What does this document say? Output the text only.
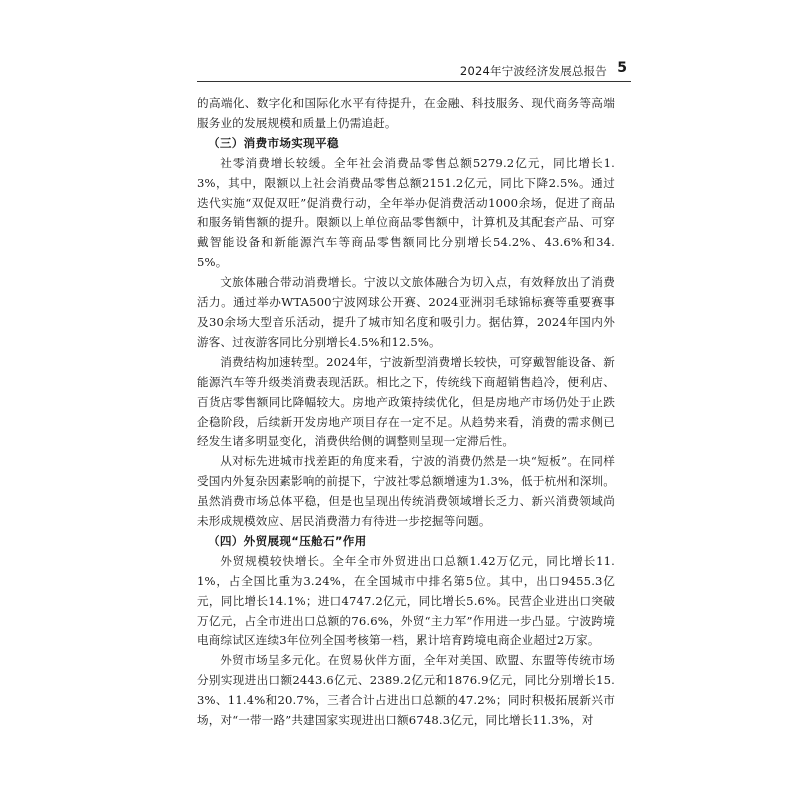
2024年宁波经济发展总报告 5

的高端化、数字化和国际化水平有待提升，在金融、科技服务、现代商务等高端服务业的发展规模和质量上仍需追赶。

（三）消费市场实现平稳

社零消费增长较缓。全年社会消费品零售总额5279.2亿元，同比增长1.3%，其中，限额以上社会消费品零售总额2151.2亿元，同比下降2.5%。通过迭代实施“双促双旺”促消费行动，全年举办促消费活动1000余场，促进了商品和服务销售额的提升。限额以上单位商品零售额中，计算机及其配套产品、可穿戴智能设备和新能源汽车等商品零售额同比分别增长54.2%、43.6%和34.5%。

文旅体融合带动消费增长。宁波以文旅体融合为切入点，有效释放出了消费活力。通过举办WTA500宁波网球公开赛、2024亚洲羽毛球锦标赛等重要赛事及30余场大型音乐活动，提升了城市知名度和吸引力。据估算，2024年国内外游客、过夜游客同比分别增长4.5%和12.5%。

消费结构加速转型。2024年，宁波新型消费增长较快，可穿戴智能设备、新能源汽车等升级类消费表现活跃。相比之下，传统线下商超销售趋冷，便利店、百货店零售额同比降幅较大。房地产政策持续优化，但是房地产市场仍处于止跌企稳阶段，后续新开发房地产项目存在一定不足。从趋势来看，消费的需求侧已经发生诸多明显变化，消费供给侧的调整则呈现一定滞后性。

从对标先进城市找差距的角度来看，宁波的消费仍然是一块“短板”。在同样受国内外复杂因素影响的前提下，宁波社零总额增速为1.3%，低于杭州和深圳。虽然消费市场总体平稳，但是也呈现出传统消费领域增长乏力、新兴消费领域尚未形成规模效应、居民消费潜力有待进一步挖掘等问题。

（四）外贸展现“压舱石”作用

外贸规模较快增长。全年全市外贸进出口总额1.42万亿元，同比增长11.1%，占全国比重为3.24%，在全国城市中排名第5位。其中，出口9455.3亿元，同比增长14.1%；进口4747.2亿元，同比增长5.6%。民营企业进出口突破万亿元，占全市进出口总额的76.6%，外贸“主力军”作用进一步凸显。宁波跨境电商综试区连续3年位列全国考核第一档，累计培育跨境电商企业超过2万家。

外贸市场呈多元化。在贸易伙伴方面，全年对美国、欧盟、东盟等传统市场分别实现进出口额2443.6亿元、2389.2亿元和1876.9亿元，同比分别增长15.3%、11.4%和20.7%，三者合计占进出口总额的47.2%；同时积极拓展新兴市场，对“一带一路”共建国家实现进出口额6748.3亿元，同比增长11.3%，对
